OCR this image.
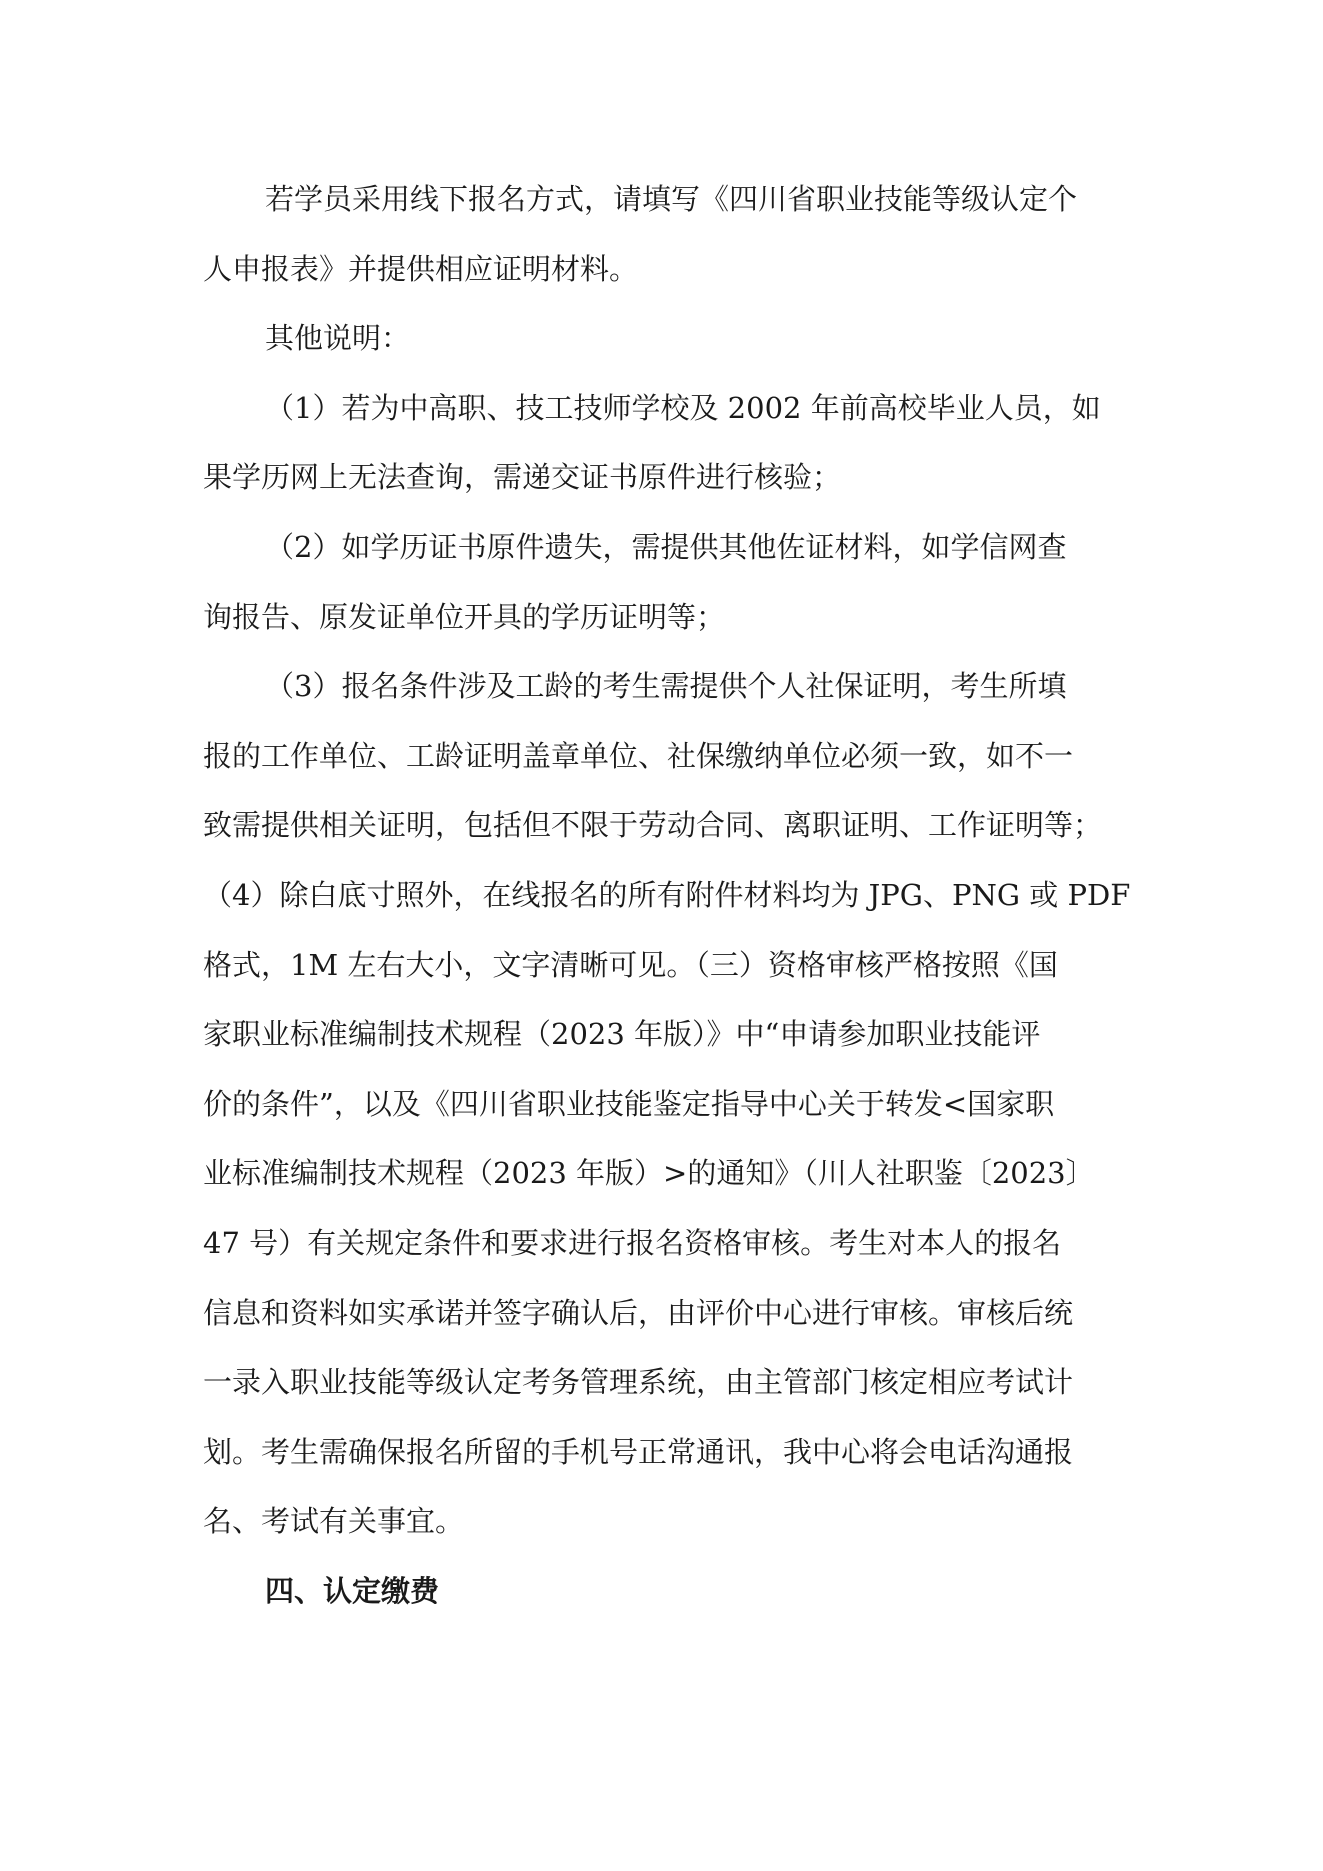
若学员采用线下报名方式，请填写《四川省职业技能等级认定个
人申报表》并提供相应证明材料。

其他说明：

（1）若为中高职、技工技师学校及 2002 年前高校毕业人员，如

果学历网上无法查询，需递交证书原件进行核验；

（2）如学历证书原件遗失，需提供其他佐证材料，如学信网查

询报告、原发证单位开具的学历证明等；

（3）报名条件涉及工龄的考生需提供个人社保证明，考生所填

报的工作单位、工龄证明盖章单位、社保缴纳单位必须一致，如不一
致需提供相关证明，包括但不限于劳动合同、离职证明、工作证明等；

（4）除白底寸照外，在线报名的所有附件材料均为 JPG、PNG 或 PDF
格式，1M 左右大小，文字清晰可见。（三）资格审核严格按照《国
家职业标准编制技术规程（2023 年版）》中“申请参加职业技能评
价的条件”，以及《四川省职业技能鉴定指导中心关于转发<国家职
业标准编制技术规程（2023 年版）>的通知》（川人社职鉴〔2023〕
47 号）有关规定条件和要求进行报名资格审核。考生对本人的报名
信息和资料如实承诺并签字确认后，由评价中心进行审核。审核后统
一录入职业技能等级认定考务管理系统，由主管部门核定相应考试计
划。考生需确保报名所留的手机号正常通讯，我中心将会电话沟通报
名、考试有关事宜。

四、认定缴费
